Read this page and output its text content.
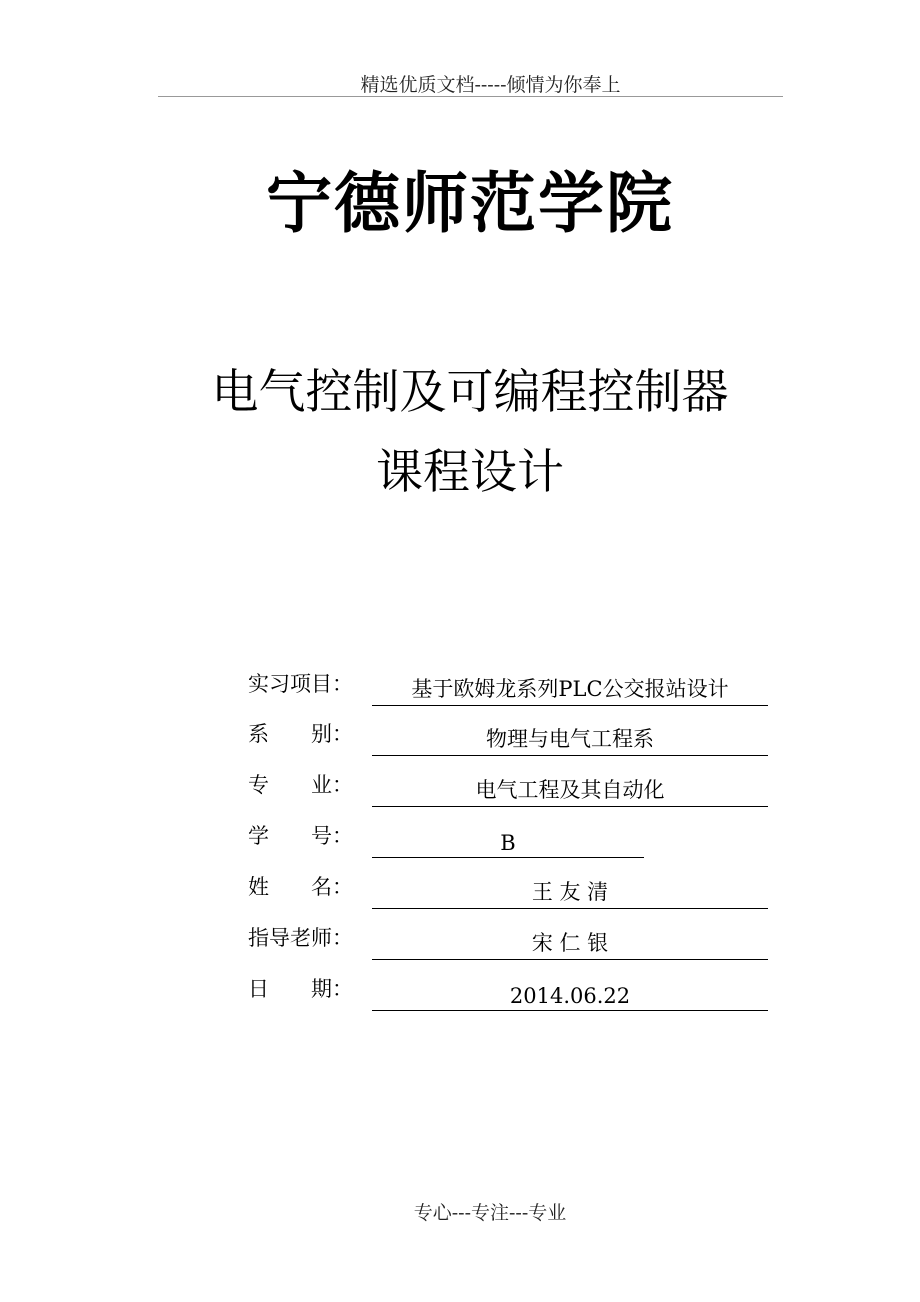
精选优质文档-----倾情为你奉上
宁德师范学院
电气控制及可编程控制器
课程设计
实习项目：	基于欧姆龙系列PLC公交报站设计
系　　别：	物理与电气工程系
专　　业：	电气工程及其自动化
学　　号：	B
姓　　名：	王 友 清
指导老师：	宋 仁 银
日　　期：	2014.06.22
专心---专注---专业
